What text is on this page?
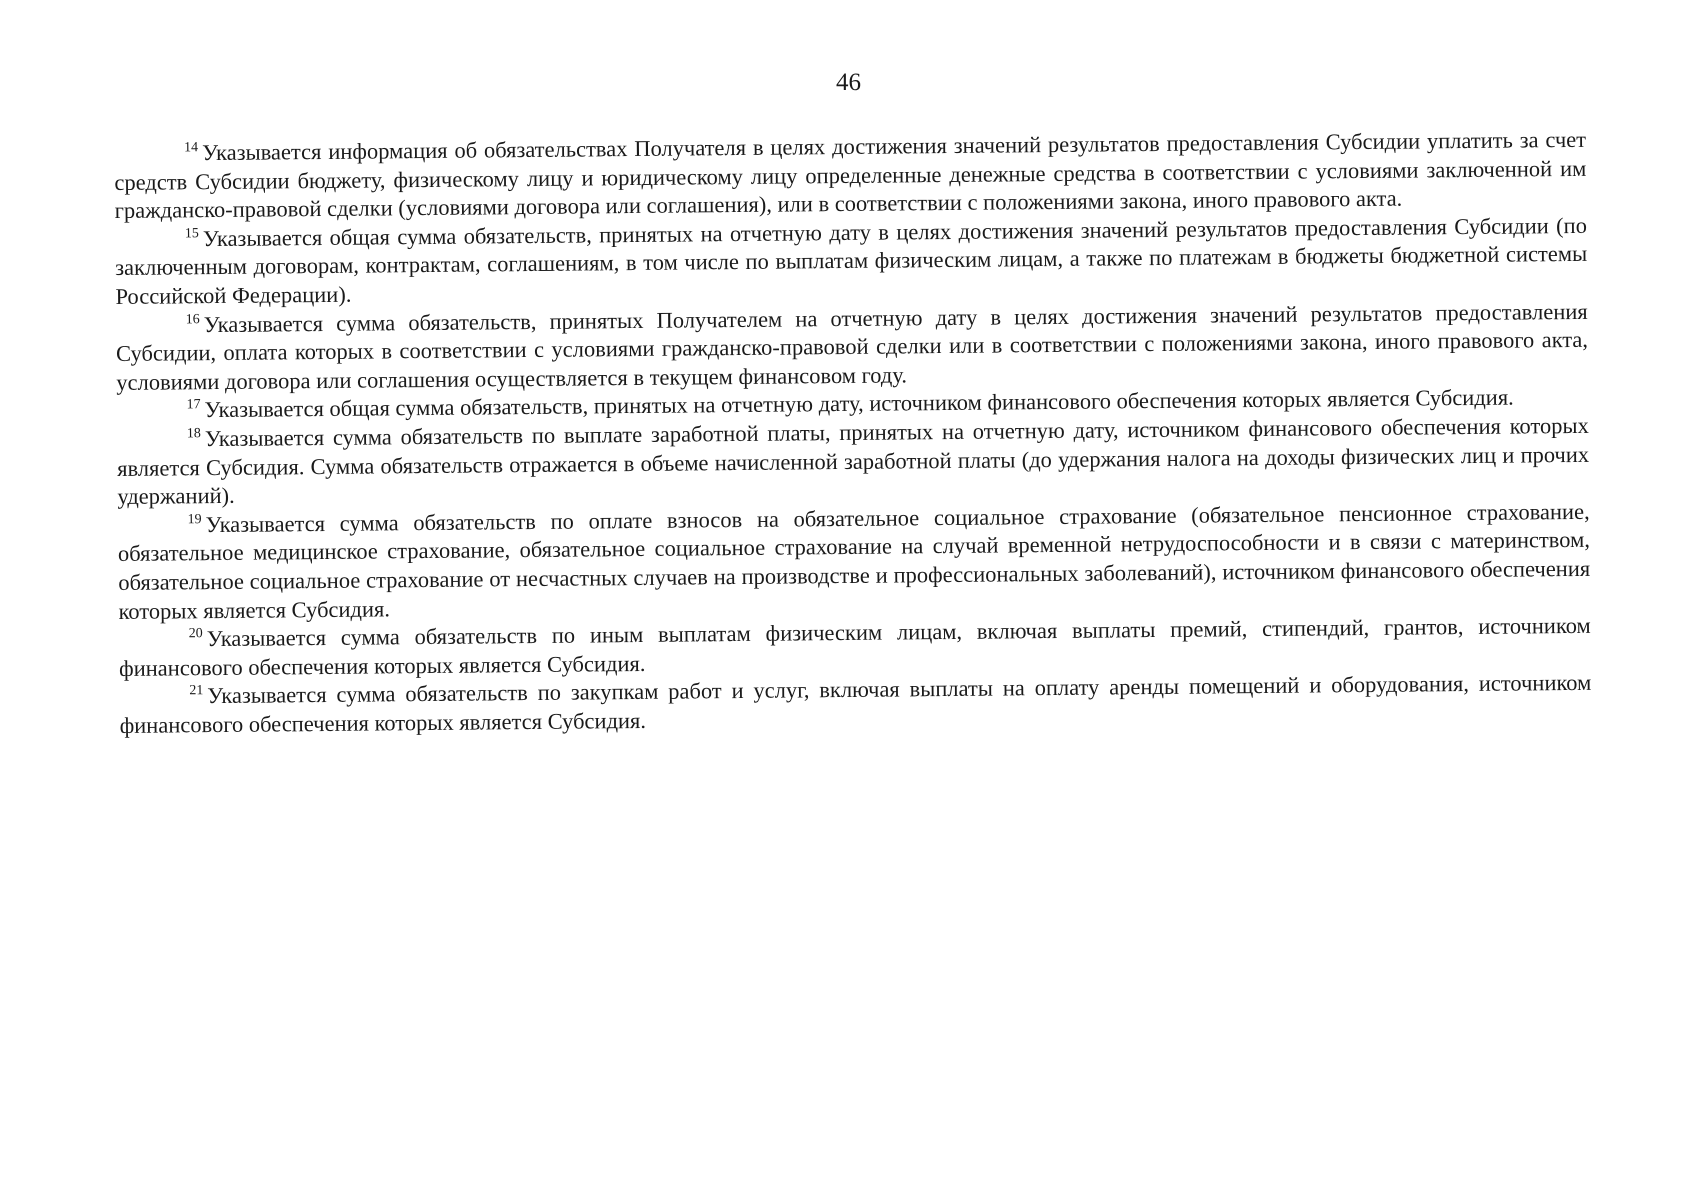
46

$^{14}$ Указывается информация об обязательствах Получателя в целях достижения значений результатов предоставления Субсидии уплатить за счет средств Субсидии бюджету, физическому лицу и юридическому лицу определенные денежные средства в соответствии с условиями заключенной им гражданско-правовой сделки (условиями договора или соглашения), или в соответствии с положениями закона, иного правового акта.

$^{15}$ Указывается общая сумма обязательств, принятых на отчетную дату в целях достижения значений результатов предоставления Субсидии (по заключенным договорам, контрактам, соглашениям, в том числе по выплатам физическим лицам, а также по платежам в бюджеты бюджетной системы Российской Федерации).

$^{16}$ Указывается сумма обязательств, принятых Получателем на отчетную дату в целях достижения значений результатов предоставления Субсидии, оплата которых в соответствии с условиями гражданско-правовой сделки или в соответствии с положениями закона, иного правового акта, условиями договора или соглашения осуществляется в текущем финансовом году.

$^{17}$ Указывается общая сумма обязательств, принятых на отчетную дату, источником финансового обеспечения которых является Субсидия.

$^{18}$ Указывается сумма обязательств по выплате заработной платы, принятых на отчетную дату, источником финансового обеспечения которых является Субсидия. Сумма обязательств отражается в объеме начисленной заработной платы (до удержания налога на доходы физических лиц и прочих удержаний).

$^{19}$ Указывается сумма обязательств по оплате взносов на обязательное социальное страхование (обязательное пенсионное страхование, обязательное медицинское страхование, обязательное социальное страхование на случай временной нетрудоспособности и в связи с материнством, обязательное социальное страхование от несчастных случаев на производстве и профессиональных заболеваний), источником финансового обеспечения которых является Субсидия.

$^{20}$ Указывается сумма обязательств по иным выплатам физическим лицам, включая выплаты премий, стипендий, грантов, источником финансового обеспечения которых является Субсидия.

$^{21}$ Указывается сумма обязательств по закупкам работ и услуг, включая выплаты на оплату аренды помещений и оборудования, источником финансового обеспечения которых является Субсидия.
